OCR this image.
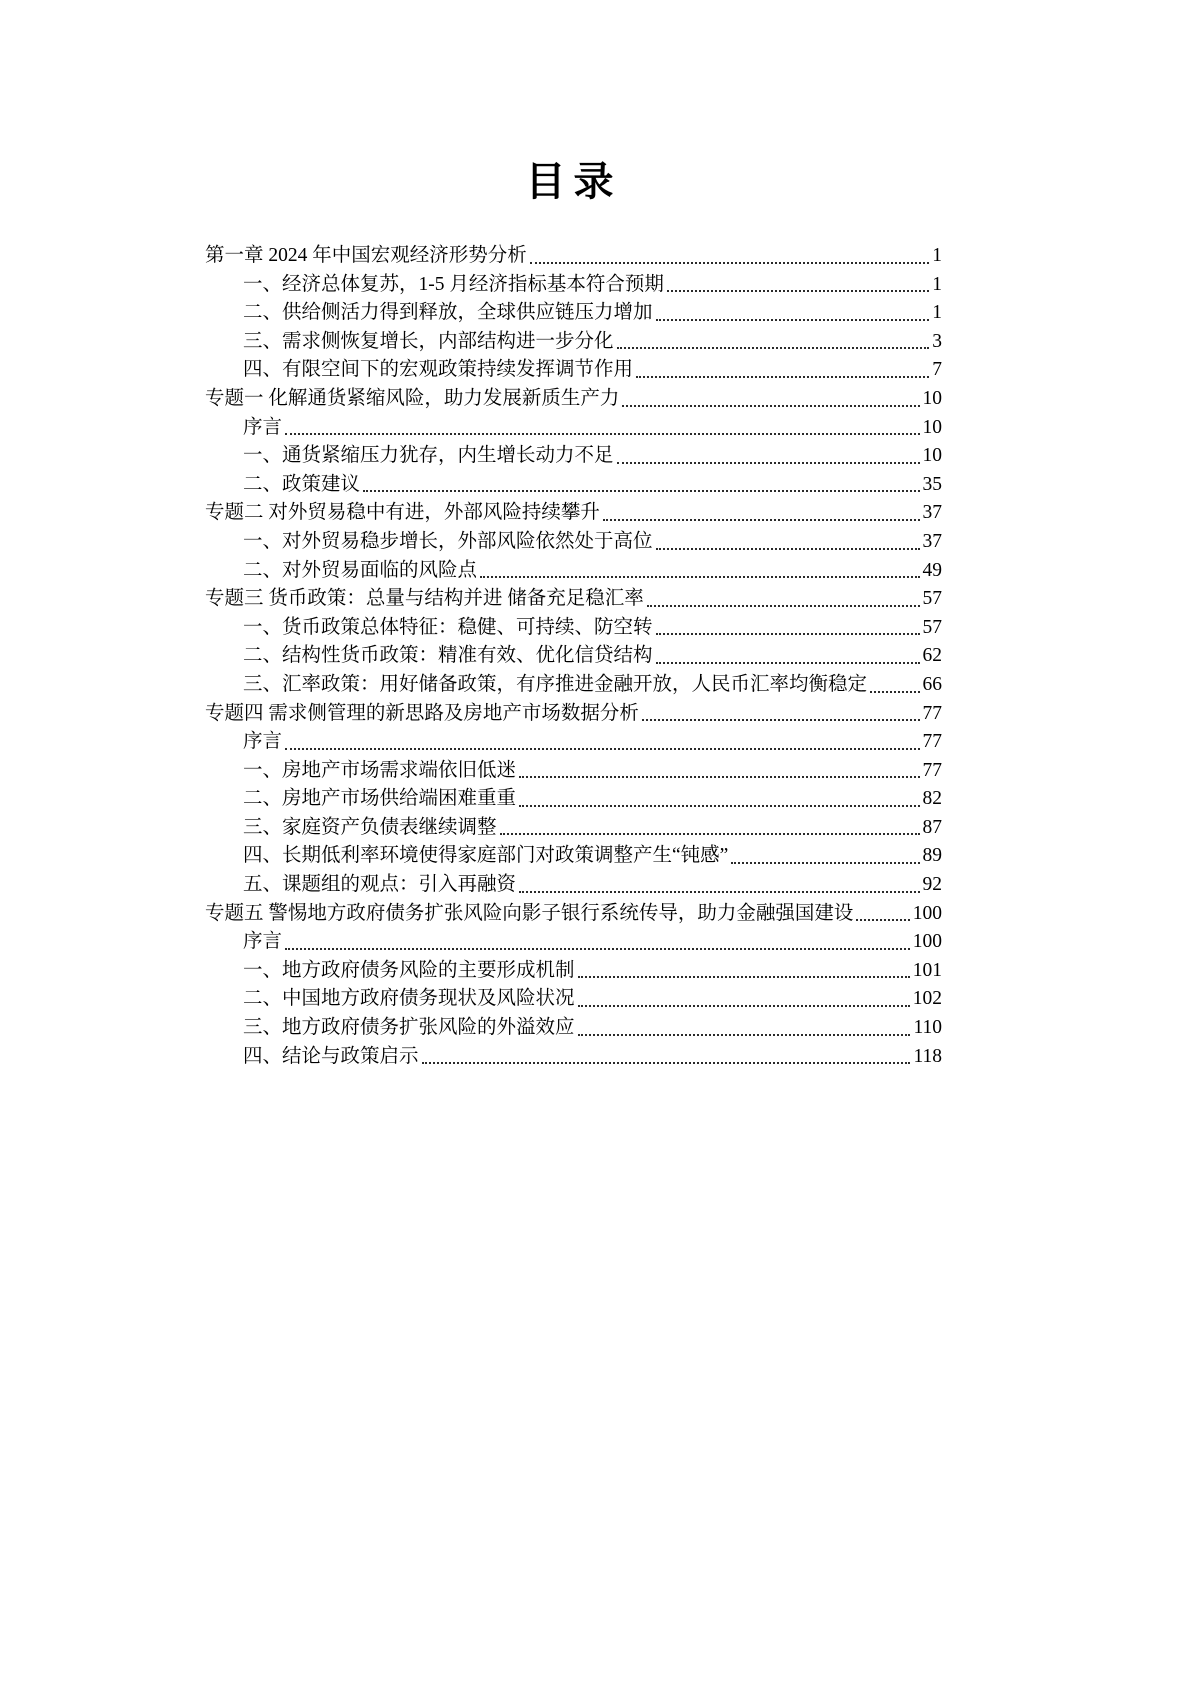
目录
第一章 2024 年中国宏观经济形势分析	1
一、经济总体复苏，1-5 月经济指标基本符合预期	1
二、供给侧活力得到释放，全球供应链压力增加	1
三、需求侧恢复增长，内部结构进一步分化	3
四、有限空间下的宏观政策持续发挥调节作用	7
专题一 化解通货紧缩风险，助力发展新质生产力	10
序言	10
一、通货紧缩压力犹存，内生增长动力不足	10
二、政策建议	35
专题二 对外贸易稳中有进，外部风险持续攀升	37
一、对外贸易稳步增长，外部风险依然处于高位	37
二、对外贸易面临的风险点	49
专题三 货币政策：总量与结构并进 储备充足稳汇率	57
一、货币政策总体特征：稳健、可持续、防空转	57
二、结构性货币政策：精准有效、优化信贷结构	62
三、汇率政策：用好储备政策，有序推进金融开放，人民币汇率均衡稳定	66
专题四 需求侧管理的新思路及房地产市场数据分析	77
序言	77
一、房地产市场需求端依旧低迷	77
二、房地产市场供给端困难重重	82
三、家庭资产负债表继续调整	87
四、长期低利率环境使得家庭部门对政策调整产生“钝感”	89
五、课题组的观点：引入再融资	92
专题五 警惕地方政府债务扩张风险向影子银行系统传导，助力金融强国建设	100
序言	100
一、地方政府债务风险的主要形成机制	101
二、中国地方政府债务现状及风险状况	102
三、地方政府债务扩张风险的外溢效应	110
四、结论与政策启示	118
